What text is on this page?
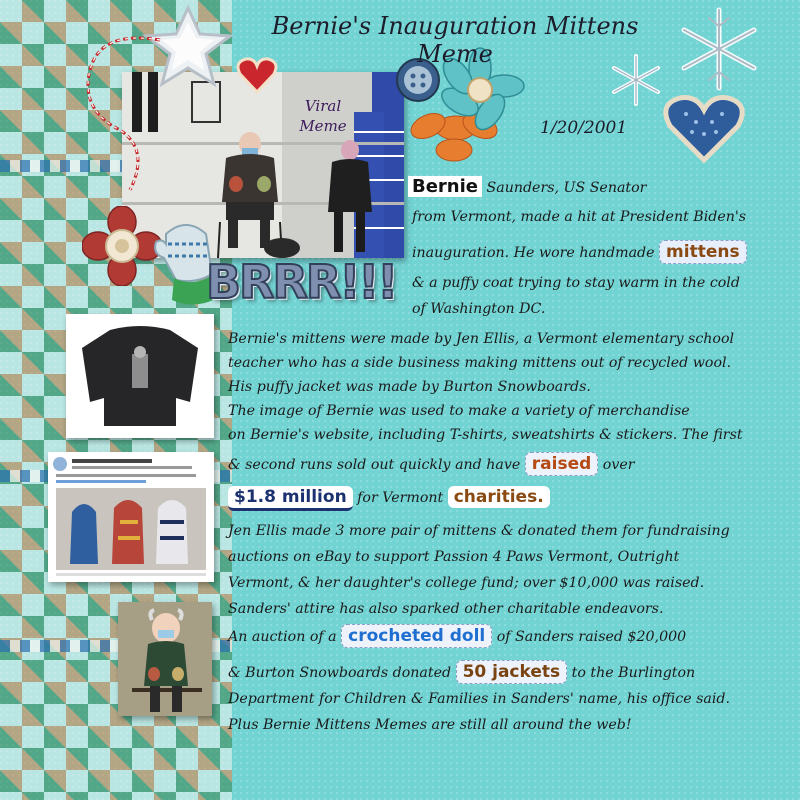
Viral
Meme
Bernie's Inauguration Mittens Meme
1/20/2001
BRRR!!!
Bernie Saunders, US Senator
from Vermont, made a hit at President Biden's
inauguration. He wore handmade mittens
& a puffy coat trying to stay warm in the cold
of Washington DC.
Bernie's mittens were made by Jen Ellis, a Vermont elementary school
teacher who has a side business making mittens out of recycled wool.
His puffy jacket was made by Burton Snowboards.
The image of Bernie was used to make a variety of merchandise
on Bernie's website, including T-shirts, sweatshirts & stickers. The first
& second runs sold out quickly and have raised over
$1.8 million for Vermont charities.
Jen Ellis made 3 more pair of mittens & donated them for fundraising
auctions on eBay to support Passion 4 Paws Vermont, Outright
Vermont, & her daughter's college fund; over $10,000 was raised.
Sanders' attire has also sparked other charitable endeavors.
An auction of a crocheted doll of Sanders raised $20,000
& Burton Snowboards donated 50 jackets to the Burlington
Department for Children & Families in Sanders' name, his office said.
Plus Bernie Mittens Memes are still all around the web!
